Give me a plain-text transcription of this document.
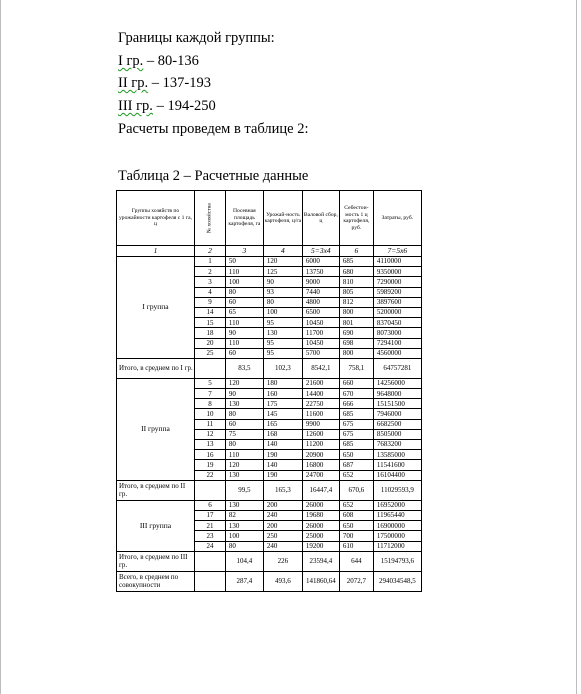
Границы каждой группы:
I гр. – 80-136
II гр. – 137-193
III гр. – 194-250
Расчеты проведем в таблице 2:
Таблица 2 – Расчетные данные
Группы хозяйств по урожайности картофеля с 1 га, ц	№ хозяйства	Посевная площадь картофеля, га	Урожай-ность картофеля, ц/га	Валовой сбор, ц	Себестои-мость 1 ц картофеля, руб.	Затраты, руб.
1	2	3	4	5=3х4	6	7=5х6
I группа	1	50	120	6000	685	4110000
	2	110	125	13750	680	9350000
	3	100	90	9000	810	7290000
	4	80	93	7440	805	5989200
	9	60	80	4800	812	3897600
	14	65	100	6500	800	5200000
	15	110	95	10450	801	8370450
	18	90	130	11700	690	8073000
	20	110	95	10450	698	7294100
	25	60	95	5700	800	4560000
Итого, в среднем по I гр.		83,5	102,3	8542,1	758,1	64757281
II группа	5	120	180	21600	660	14256000
	7	90	160	14400	670	9648000
	8	130	175	22750	666	15151500
	10	80	145	11600	685	7946000
	11	60	165	9900	675	6682500
	12	75	168	12600	675	8505000
	13	80	140	11200	685	7683200
	16	110	190	20900	650	13585000
	19	120	140	16800	687	11541600
	22	130	190	24700	652	16104400
Итого, в среднем по II гр.		99,5	165,3	16447,4	670,6	11029593,9
III группа	6	130	200	26000	652	16952000
	17	82	240	19680	608	11965440
	21	130	200	26000	650	16900000
	23	100	250	25000	700	17500000
	24	80	240	19200	610	11712000
Итого, в среднем по III гр.		104,4	226	23594,4	644	15194793,6
Всего, в среднем по совокупности		287,4	493,6	141860,64	2072,7	294034548,5
